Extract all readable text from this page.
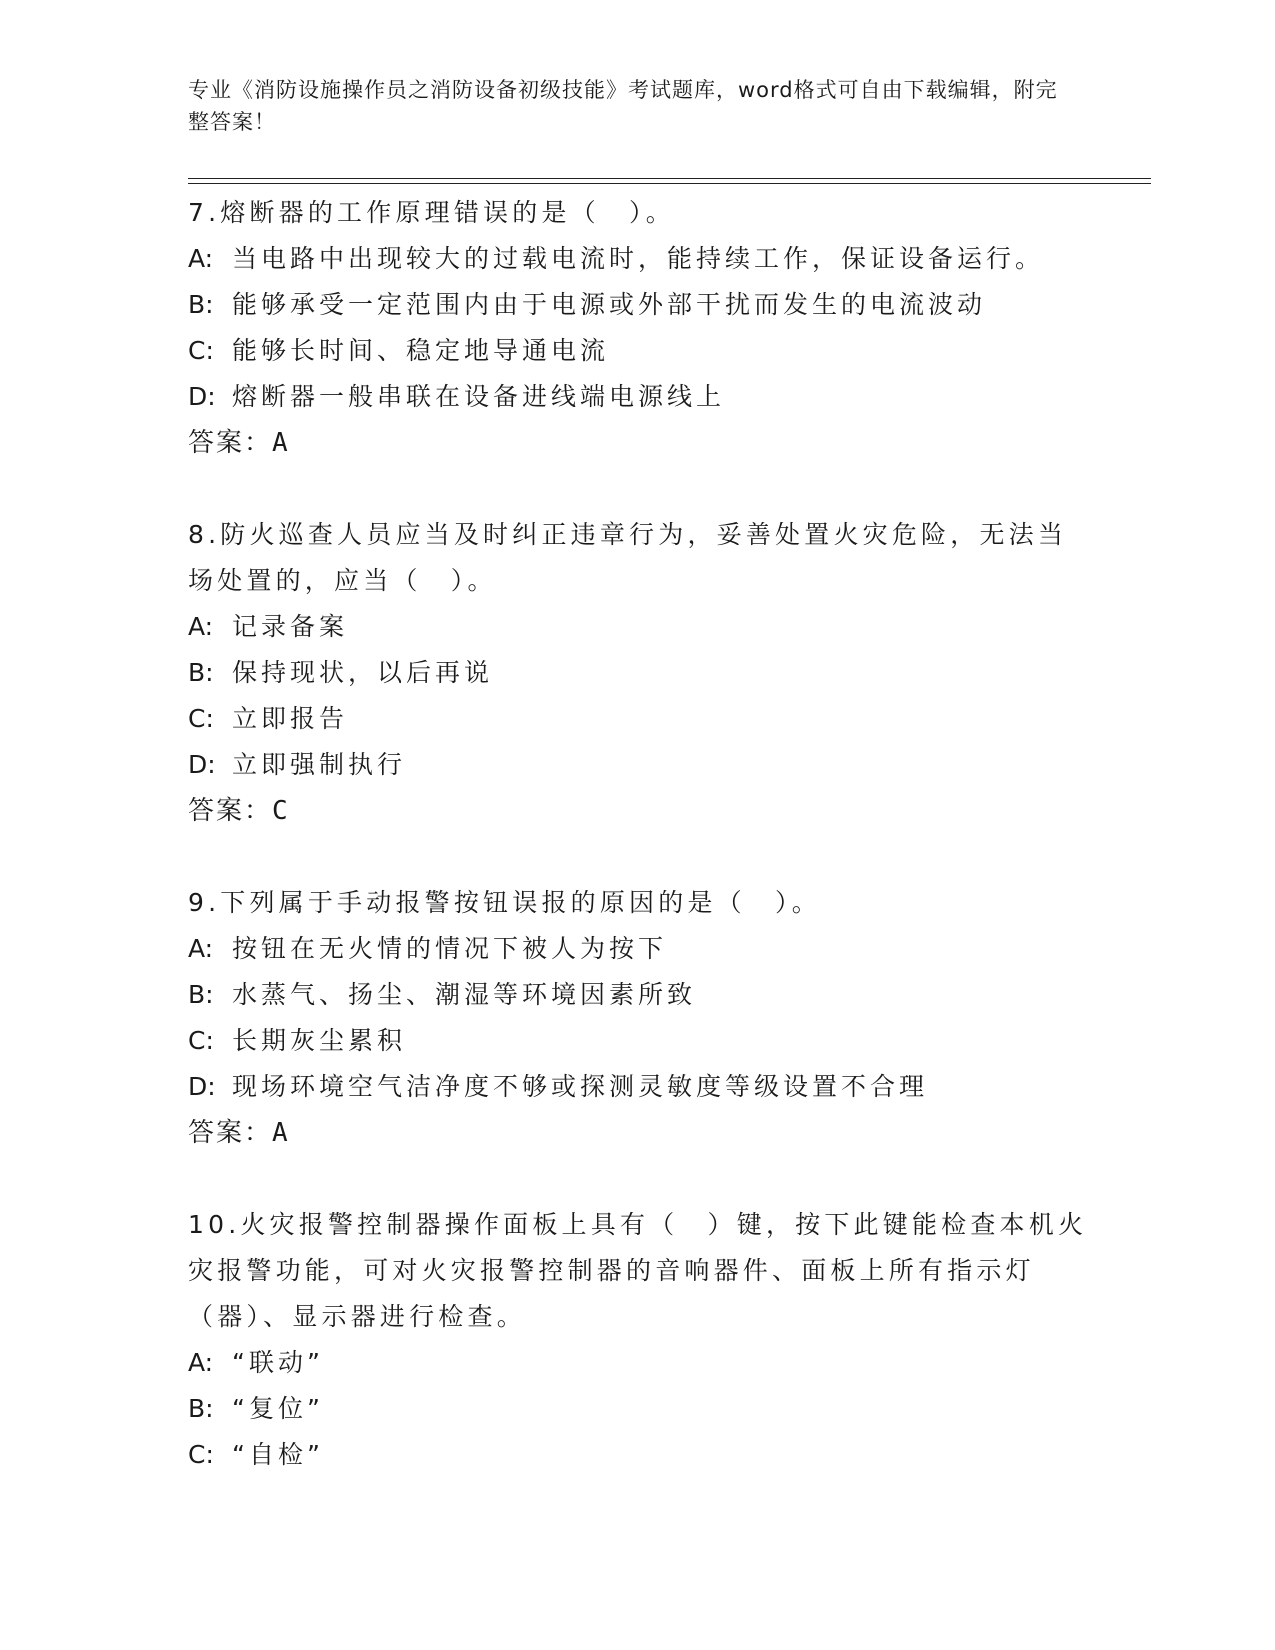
专业《消防设施操作员之消防设备初级技能》考试题库，word格式可自由下载编辑，附完整答案！
7.熔断器的工作原理错误的是（　）。
A: 当电路中出现较大的过载电流时，能持续工作，保证设备运行。
B: 能够承受一定范围内由于电源或外部干扰而发生的电流波动
C: 能够长时间、稳定地导通电流
D: 熔断器一般串联在设备进线端电源线上
答案：A
8.防火巡查人员应当及时纠正违章行为，妥善处置火灾危险，无法当场处置的，应当（　）。
A: 记录备案
B: 保持现状，以后再说
C: 立即报告
D: 立即强制执行
答案：C
9.下列属于手动报警按钮误报的原因的是（　）。
A: 按钮在无火情的情况下被人为按下
B: 水蒸气、扬尘、潮湿等环境因素所致
C: 长期灰尘累积
D: 现场环境空气洁净度不够或探测灵敏度等级设置不合理
答案：A
10.火灾报警控制器操作面板上具有（　）键，按下此键能检查本机火灾报警功能，可对火灾报警控制器的音响器件、面板上所有指示灯（器）、显示器进行检查。
A: “联动”
B: “复位”
C: “自检”
